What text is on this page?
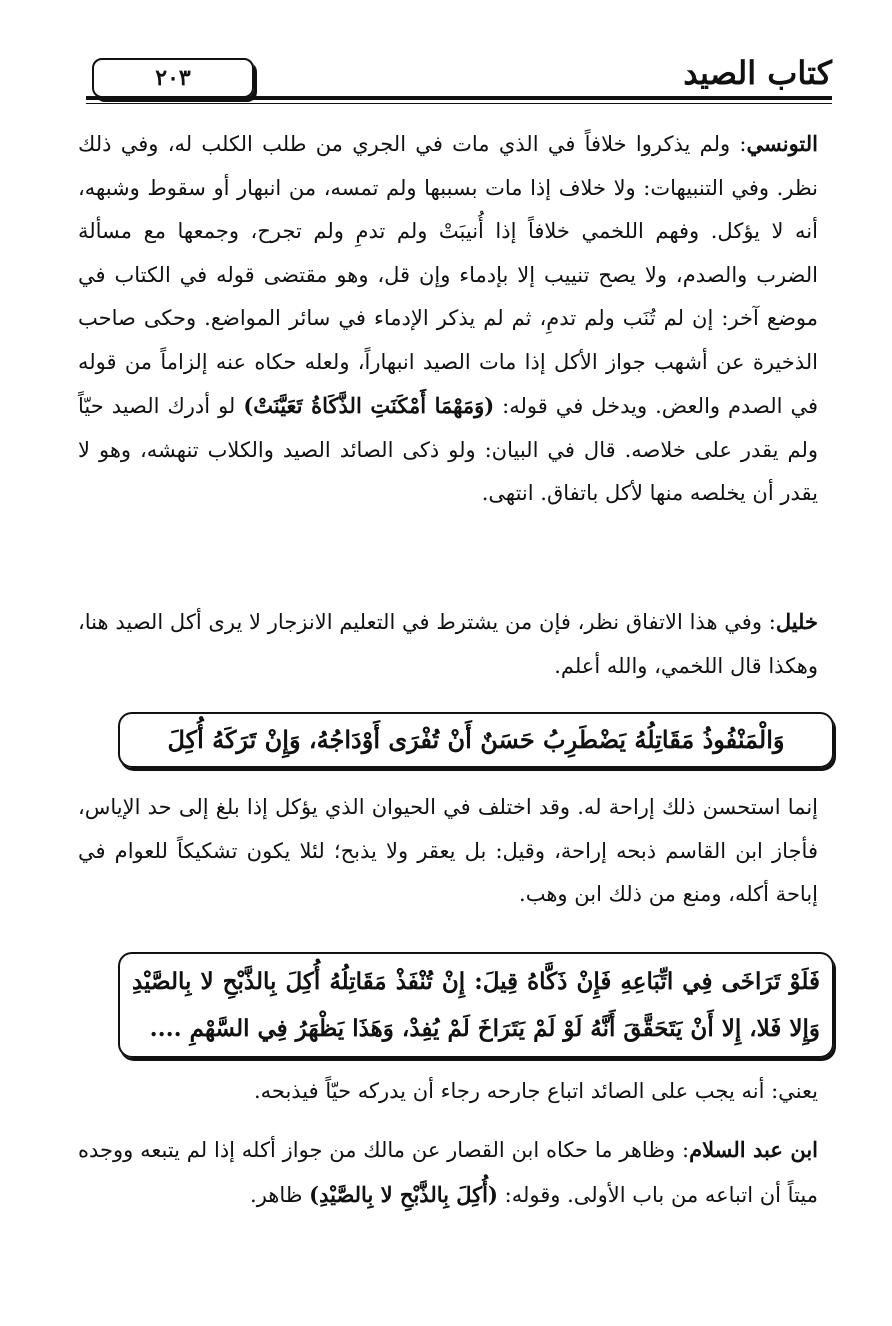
٢٠٣	كتاب الصيد

التونسي: ولم يذكروا خلافاً في الذي مات في الجري من طلب الكلب له، وفي ذلك نظر. وفي التنبيهات: ولا خلاف إذا مات بسببها ولم تمسه، من انبهار أو سقوط وشبهه، أنه لا يؤكل. وفهم اللخمي خلافاً إذا أُنيبَتْ ولم تدمِ ولم تجرح، وجمعها مع مسألة الضرب والصدم، ولا يصح تنييب إلا بإدماء وإن قل، وهو مقتضى قوله في الكتاب في موضع آخر: إن لم تُنَب ولم تدمِ، ثم لم يذكر الإدماء في سائر المواضع. وحكى صاحب الذخيرة عن أشهب جواز الأكل إذا مات الصيد انبهاراً، ولعله حكاه عنه إلزاماً من قوله في الصدم والعض. ويدخل في قوله: (وَمَهْمَا أَمْكَنَتِ الذَّكَاةُ تَعَيَّنَتْ) لو أدرك الصيد حيّاً ولم يقدر على خلاصه. قال في البيان: ولو ذكى الصائد الصيد والكلاب تنهشه، وهو لا يقدر أن يخلصه منها لأكل باتفاق. انتهى.

خليل: وفي هذا الاتفاق نظر، فإن من يشترط في التعليم الانزجار لا يرى أكل الصيد هنا، وهكذا قال اللخمي، والله أعلم.

وَالْمَنْفُوذُ مَقَاتِلُهُ يَضْطَرِبُ حَسَنٌ أَنْ تُفْرَى أَوْدَاجُهُ، وَإِنْ تَرَكَهُ أُكِلَ

إنما استحسن ذلك إراحة له. وقد اختلف في الحيوان الذي يؤكل إذا بلغ إلى حد الإياس، فأجاز ابن القاسم ذبحه إراحة، وقيل: بل يعقر ولا يذبح؛ لئلا يكون تشكيكاً للعوام في إباحة أكله، ومنع من ذلك ابن وهب.

فَلَوْ تَرَاخَى فِي اتِّبَاعِهِ فَإِنْ ذَكَّاهُ قِيلَ: إِنْ تُنْفَذْ مَقَاتِلُهُ أُكِلَ بِالذَّبْحِ لا بِالصَّيْدِ وَإِلا فَلا، إِلا أَنْ يَتَحَقَّقَ أَنَّهُ لَوْ لَمْ يَتَرَاخَ لَمْ يُفِدْ، وَهَذَا يَظْهَرُ فِي السَّهْمِ ....

يعني: أنه يجب على الصائد اتباع جارحه رجاء أن يدركه حيّاً فيذبحه.

ابن عبد السلام: وظاهر ما حكاه ابن القصار عن مالك من جواز أكله إذا لم يتبعه ووجده ميتاً أن اتباعه من باب الأولى. وقوله: (أُكِلَ بِالذَّبْحِ لا بِالصَّيْدِ) ظاهر.
